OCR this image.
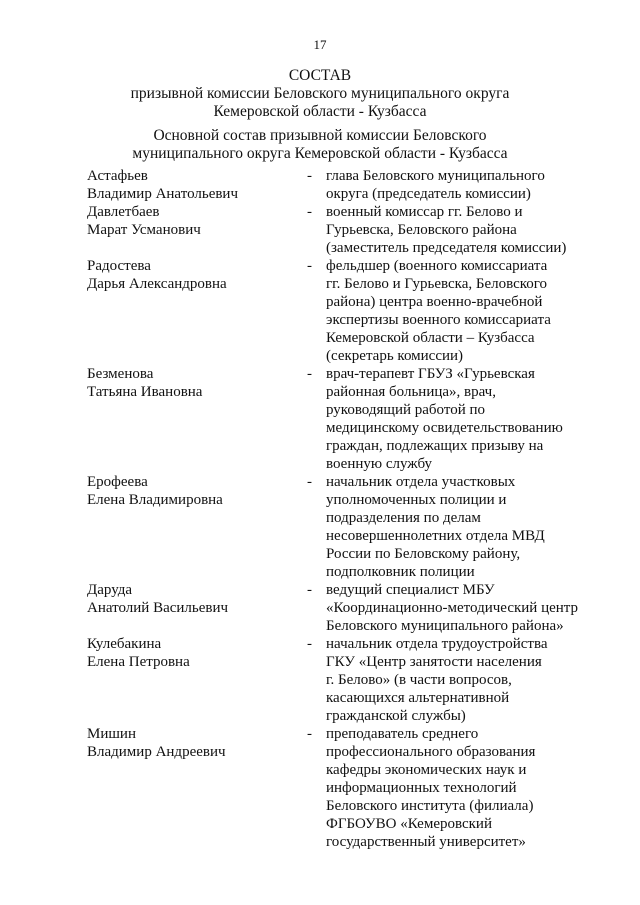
17
СОСТАВ
призывной комиссии Беловского муниципального округа
Кемеровской области - Кузбасса
Основной состав призывной комиссии Беловского
муниципального округа Кемеровской области - Кузбасса
Астафьев
Владимир Анатольевич
- глава Беловского муниципального
округа (председатель комиссии)
Давлетбаев
Марат Усманович
- военный комиссар гг. Белово и
Гурьевска, Беловского района
(заместитель председателя комиссии)
Радостева
Дарья Александровна
- фельдшер (военного комиссариата
гг. Белово и Гурьевска, Беловского
района) центра военно-врачебной
экспертизы военного комиссариата
Кемеровской области – Кузбасса
(секретарь комиссии)
Безменова
Татьяна Ивановна
- врач-терапевт ГБУЗ «Гурьевская
районная больница», врач,
руководящий работой по
медицинскому освидетельствованию
граждан, подлежащих призыву на
военную службу
Ерофеева
Елена Владимировна
- начальник отдела участковых
уполномоченных полиции и
подразделения по делам
несовершеннолетних отдела МВД
России по Беловскому району,
подполковник полиции
Даруда
Анатолий Васильевич
- ведущий специалист МБУ
«Координационно-методический центр
Беловского муниципального района»
Кулебакина
Елена Петровна
- начальник отдела трудоустройства
ГКУ «Центр занятости населения
г. Белово» (в части вопросов,
касающихся альтернативной
гражданской службы)
Мишин
Владимир Андреевич
- преподаватель среднего
профессионального образования
кафедры экономических наук и
информационных технологий
Беловского института (филиала)
ФГБОУВО «Кемеровский
государственный университет»
